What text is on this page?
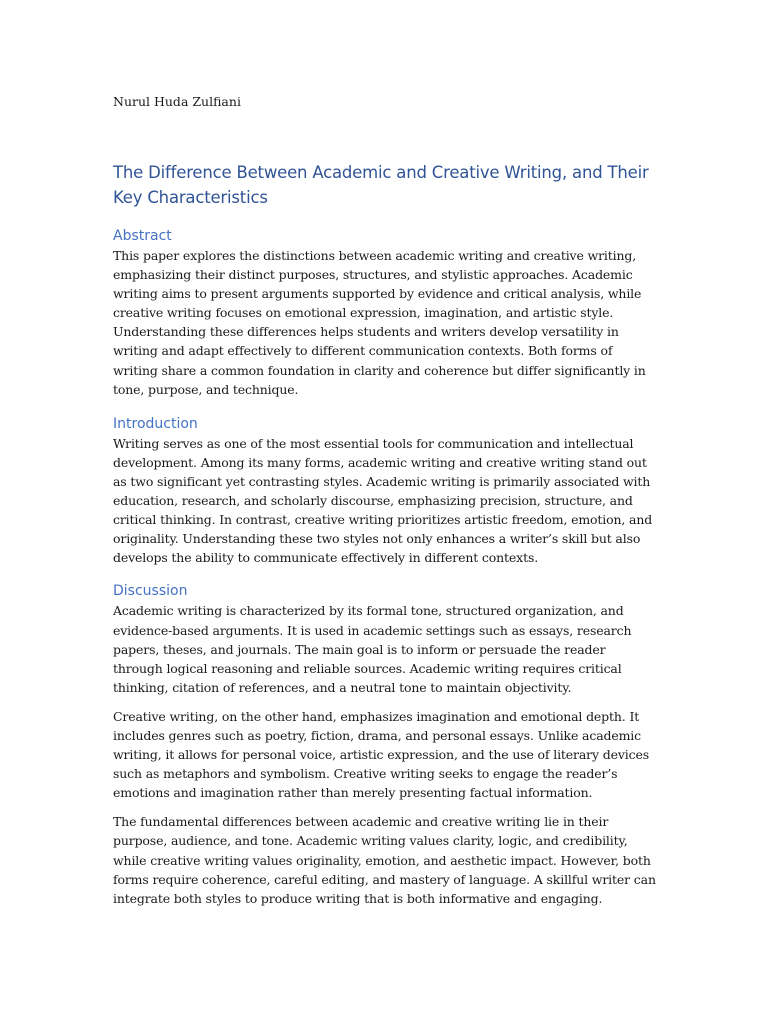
Nurul Huda Zulfiani

The Difference Between Academic and Creative Writing, and Their Key Characteristics
Abstract

This paper explores the distinctions between academic writing and creative writing, emphasizing their distinct purposes, structures, and stylistic approaches. Academic writing aims to present arguments supported by evidence and critical analysis, while creative writing focuses on emotional expression, imagination, and artistic style. Understanding these differences helps students and writers develop versatility in writing and adapt effectively to different communication contexts. Both forms of writing share a common foundation in clarity and coherence but differ significantly in tone, purpose, and technique.

Introduction

Writing serves as one of the most essential tools for communication and intellectual development. Among its many forms, academic writing and creative writing stand out as two significant yet contrasting styles. Academic writing is primarily associated with education, research, and scholarly discourse, emphasizing precision, structure, and critical thinking. In contrast, creative writing prioritizes artistic freedom, emotion, and originality. Understanding these two styles not only enhances a writer’s skill but also develops the ability to communicate effectively in different contexts.

Discussion

Academic writing is characterized by its formal tone, structured organization, and evidence-based arguments. It is used in academic settings such as essays, research papers, theses, and journals. The main goal is to inform or persuade the reader through logical reasoning and reliable sources. Academic writing requires critical thinking, citation of references, and a neutral tone to maintain objectivity.

Creative writing, on the other hand, emphasizes imagination and emotional depth. It includes genres such as poetry, fiction, drama, and personal essays. Unlike academic writing, it allows for personal voice, artistic expression, and the use of literary devices such as metaphors and symbolism. Creative writing seeks to engage the reader’s emotions and imagination rather than merely presenting factual information.

The fundamental differences between academic and creative writing lie in their purpose, audience, and tone. Academic writing values clarity, logic, and credibility, while creative writing values originality, emotion, and aesthetic impact. However, both forms require coherence, careful editing, and mastery of language. A skillful writer can integrate both styles to produce writing that is both informative and engaging.
